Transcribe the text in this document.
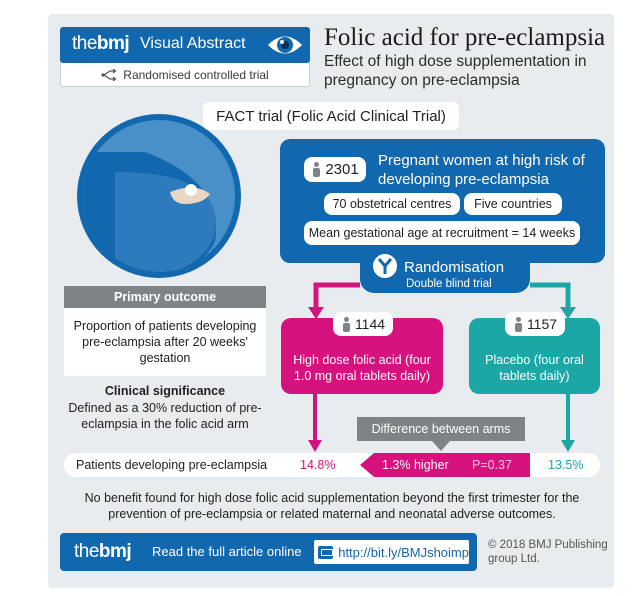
thebmj Visual Abstract
Randomised controlled trial
Folic acid for pre-eclampsia
Effect of high dose supplementation in pregnancy on pre-eclampsia
FACT trial (Folic Acid Clinical Trial)
2301
Pregnant women at high risk of developing pre-eclampsia
70 obstetrical centres	Five countries
Mean gestational age at recruitment = 14 weeks
Randomisation
Double blind trial
1144
High dose folic acid (four 1.0 mg oral tablets daily)
1157
Placebo (four oral tablets daily)
Primary outcome
Proportion of patients developing pre-eclampsia after 20 weeks' gestation
Clinical significance
Defined as a 30% reduction of pre-eclampsia in the folic acid arm	Difference between arms
Patients developing pre-eclampsia	14.8%	1.3% higher P=0.37	13.5%
No benefit found for high dose folic acid supplementation beyond the first trimester for the prevention of pre-eclampsia or related maternal and neonatal adverse outcomes.
thebmj Read the full article online	http://bit.ly/BMJshoimp © 2018 BMJ Publishing group Ltd.
